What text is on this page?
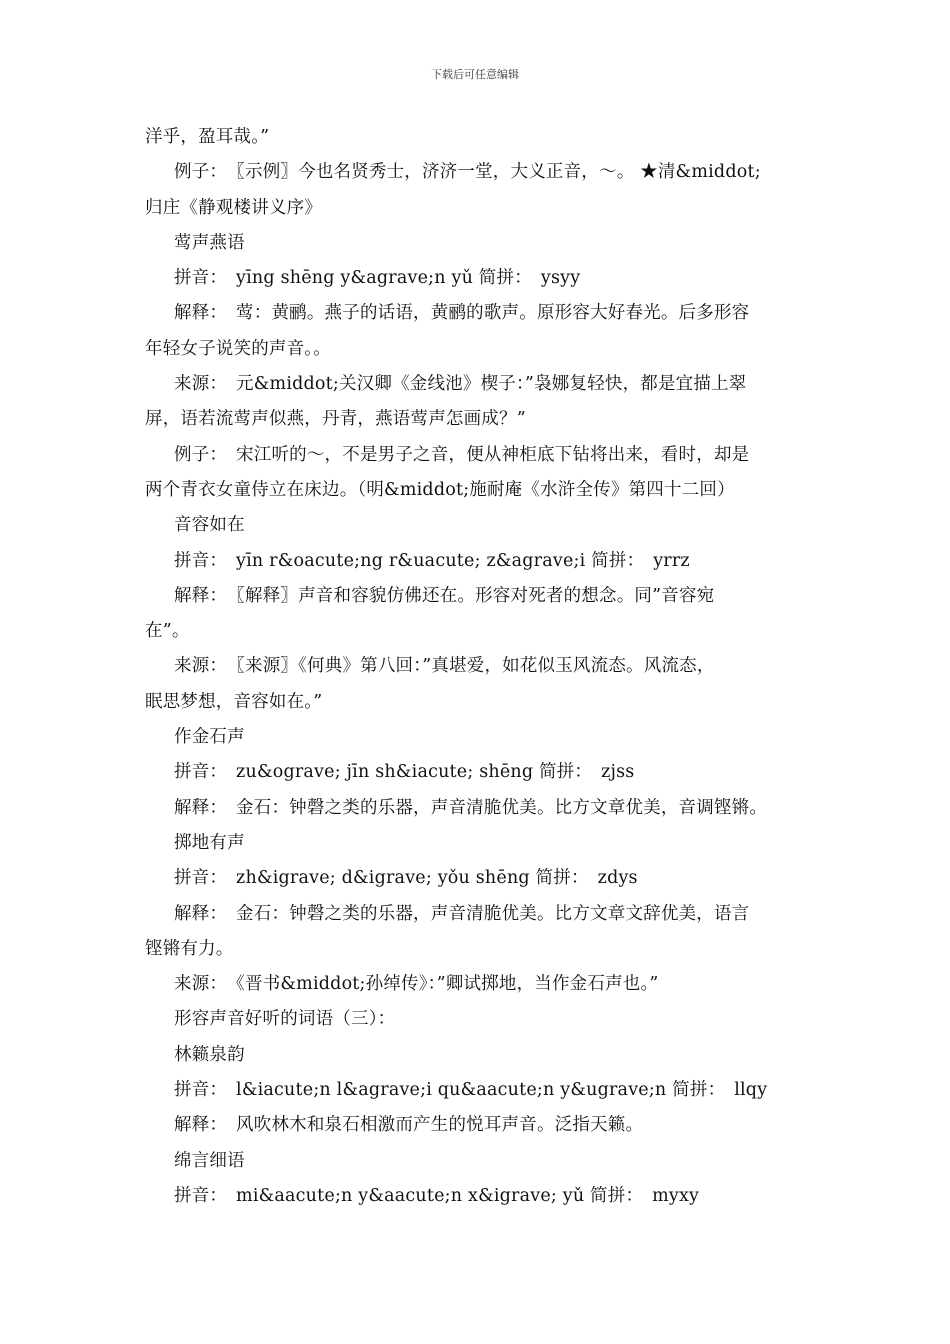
下载后可任意编辑
洋乎，盈耳哉。”
例子：　〖示例〗今也名贤秀士，济济一堂，大义正音，～。 ★清&middot;
归庄《静观楼讲义序》
莺声燕语
拼音：　yīng shēng y&agrave;n yǔ 简拼：　ysyy
解释：　莺：黄鹂。燕子的话语，黄鹂的歌声。原形容大好春光。后多形容
年轻女子说笑的声音。。
来源：　元&middot;关汉卿《金线池》楔子：”袅娜复轻快，都是宜描上翠
屏，语若流莺声似燕，丹青，燕语莺声怎画成？”
例子：　宋江听的～，不是男子之音，便从神柜底下钻将出来，看时，却是
两个青衣女童侍立在床边。（明&middot;施耐庵《水浒全传》第四十二回）
音容如在
拼音：　yīn r&oacute;ng r&uacute; z&agrave;i 简拼：　yrrz
解释：　〖解释〗声音和容貌仿佛还在。形容对死者的想念。同”音容宛
在”。
来源：　〖来源〗《何典》第八回：”真堪爱，如花似玉风流态。风流态，
眠思梦想，音容如在。”
作金石声
拼音：　zu&ograve; jīn sh&iacute; shēng 简拼：　zjss
解释：　金石：钟磬之类的乐器，声音清脆优美。比方文章优美，音调铿锵。
掷地有声
拼音：　zh&igrave; d&igrave; yǒu shēng 简拼：　zdys
解释：　金石：钟磬之类的乐器，声音清脆优美。比方文章文辞优美，语言
铿锵有力。
来源：　《晋书&middot;孙绰传》：”卿试掷地，当作金石声也。”
形容声音好听的词语（三）：
林籁泉韵
拼音：　l&iacute;n l&agrave;i qu&aacute;n y&ugrave;n 简拼：　llqy
解释：　风吹林木和泉石相激而产生的悦耳声音。泛指天籁。
绵言细语
拼音：　mi&aacute;n y&aacute;n x&igrave; yǔ 简拼：　myxy
